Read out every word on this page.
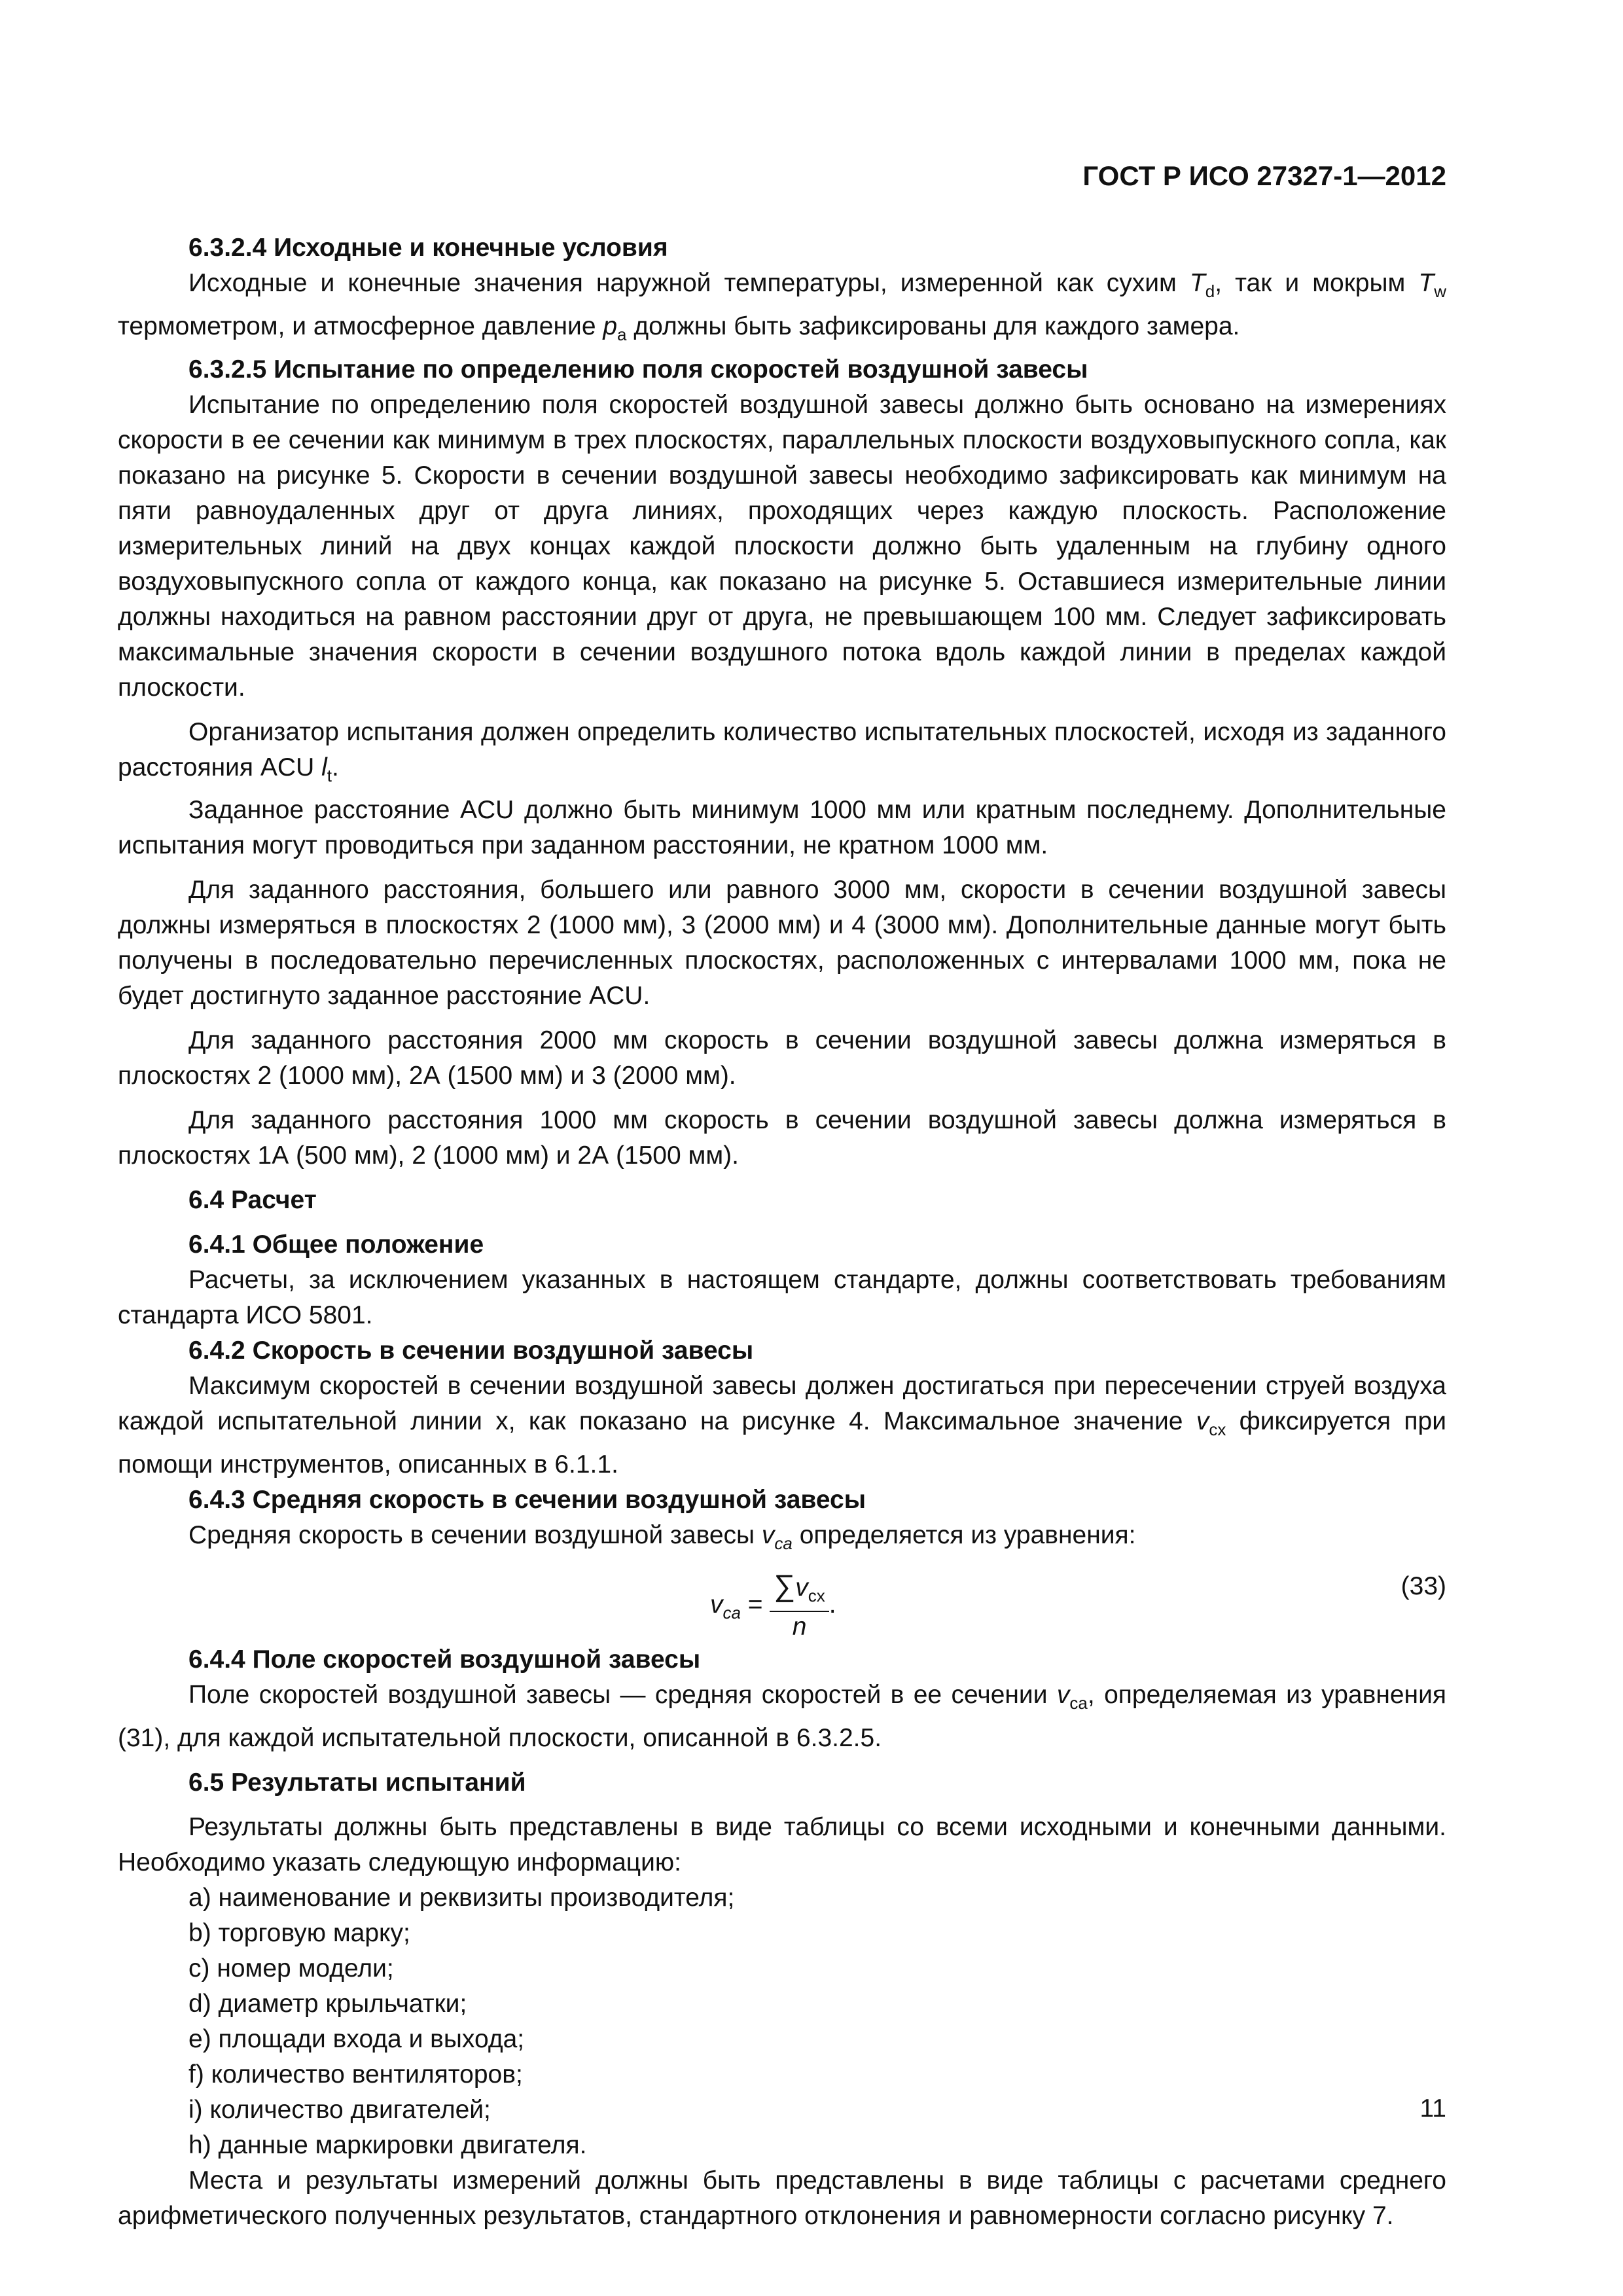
ГОСТ Р ИСО 27327-1—2012
6.3.2.4 Исходные и конечные условия

Исходные и конечные значения наружной температуры, измеренной как сухим $T_d$, так и мокрым $T_w$ термометром, и атмосферное давление $p_a$ должны быть зафиксированы для каждого замера.

6.3.2.5 Испытание по определению поля скоростей воздушной завесы

Испытание по определению поля скоростей воздушной завесы должно быть основано на измерениях скорости в ее сечении как минимум в трех плоскостях, параллельных плоскости воздуховыпускного сопла, как показано на рисунке 5. Скорости в сечении воздушной завесы необходимо зафиксировать как минимум на пяти равноудаленных друг от друга линиях, проходящих через каждую плоскость. Расположение измерительных линий на двух концах каждой плоскости должно быть удаленным на глубину одного воздуховыпускного сопла от каждого конца, как показано на рисунке 5. Оставшиеся измерительные линии должны находиться на равном расстоянии друг от друга, не превышающем 100 мм. Следует зафиксировать максимальные значения скорости в сечении воздушного потока вдоль каждой линии в пределах каждой плоскости.

Организатор испытания должен определить количество испытательных плоскостей, исходя из заданного расстояния ACU $l_t$.

Заданное расстояние ACU должно быть минимум 1000 мм или кратным последнему. Дополнительные испытания могут проводиться при заданном расстоянии, не кратном 1000 мм.

Для заданного расстояния, большего или равного 3000 мм, скорости в сечении воздушной завесы должны измеряться в плоскостях 2 (1000 мм), 3 (2000 мм) и 4 (3000 мм). Дополнительные данные могут быть получены в последовательно перечисленных плоскостях, расположенных с интервалами 1000 мм, пока не будет достигнуто заданное расстояние ACU.

Для заданного расстояния 2000 мм скорость в сечении воздушной завесы должна измеряться в плоскостях 2 (1000 мм), 2А (1500 мм) и 3 (2000 мм).

Для заданного расстояния 1000 мм скорость в сечении воздушной завесы должна измеряться в плоскостях 1А (500 мм), 2 (1000 мм) и 2А (1500 мм).

6.4 Расчет
6.4.1 Общее положение

Расчеты, за исключением указанных в настоящем стандарте, должны соответствовать требованиям стандарта ИСО 5801.

6.4.2 Скорость в сечении воздушной завесы

Максимум скоростей в сечении воздушной завесы должен достигаться при пересечении струей воздуха каждой испытательной линии x, как показано на рисунке 4. Максимальное значение $v_{cx}$ фиксируется при помощи инструментов, описанных в 6.1.1.

6.4.3 Средняя скорость в сечении воздушной завесы

Средняя скорость в сечении воздушной завесы $v_{ca}$ определяется из уравнения:

$v_{ca} = \frac{\sum v_{cx}}{n}$ .
(33)
6.4.4 Поле скоростей воздушной завесы

Поле скоростей воздушной завесы — средняя скоростей в ее сечении $v_{ca}$, определяемая из уравнения (31), для каждой испытательной плоскости, описанной в 6.3.2.5.

6.5 Результаты испытаний

Результаты должны быть представлены в виде таблицы со всеми исходными и конечными данными. Необходимо указать следующую информацию:

а) наименование и реквизиты производителя;
b) торговую марку;
c) номер модели;
d) диаметр крыльчатки;
e) площади входа и выхода;
f) количество вентиляторов;
i) количество двигателей;
h) данные маркировки двигателя.

Места и результаты измерений должны быть представлены в виде таблицы с расчетами среднего арифметического полученных результатов, стандартного отклонения и равномерности согласно рисунку 7.

11
